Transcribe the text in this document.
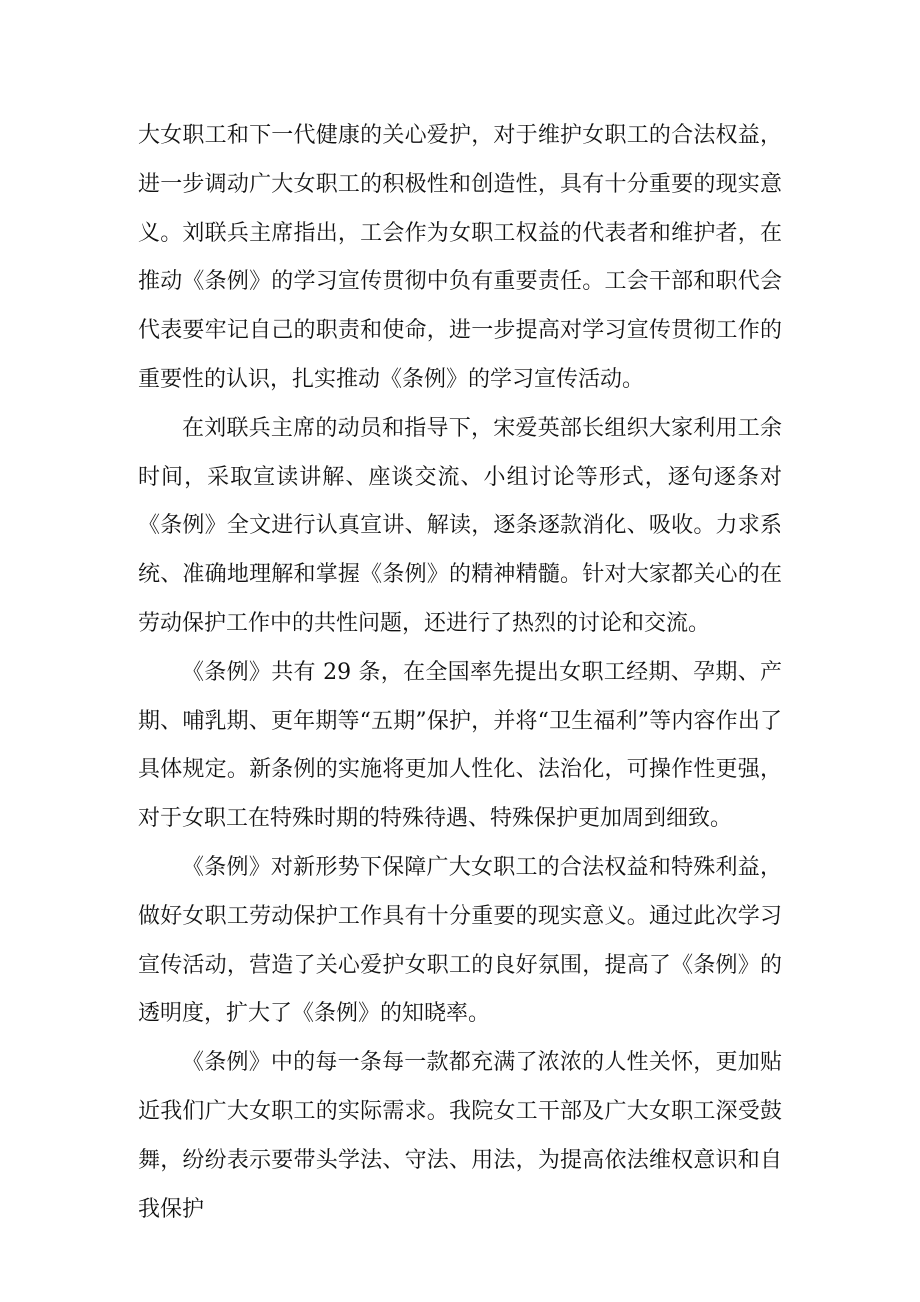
大女职工和下一代健康的关心爱护，对于维护女职工的合法权益，进一步调动广大女职工的积极性和创造性，具有十分重要的现实意义。刘联兵主席指出，工会作为女职工权益的代表者和维护者，在推动《条例》的学习宣传贯彻中负有重要责任。工会干部和职代会代表要牢记自己的职责和使命，进一步提高对学习宣传贯彻工作的重要性的认识，扎实推动《条例》的学习宣传活动。

在刘联兵主席的动员和指导下，宋爱英部长组织大家利用工余时间，采取宣读讲解、座谈交流、小组讨论等形式，逐句逐条对《条例》全文进行认真宣讲、解读，逐条逐款消化、吸收。力求系统、准确地理解和掌握《条例》的精神精髓。针对大家都关心的在劳动保护工作中的共性问题，还进行了热烈的讨论和交流。

《条例》共有 29 条，在全国率先提出女职工经期、孕期、产期、哺乳期、更年期等“五期”保护，并将“卫生福利”等内容作出了具体规定。新条例的实施将更加人性化、法治化，可操作性更强，对于女职工在特殊时期的特殊待遇、特殊保护更加周到细致。

《条例》对新形势下保障广大女职工的合法权益和特殊利益，做好女职工劳动保护工作具有十分重要的现实意义。通过此次学习宣传活动，营造了关心爱护女职工的良好氛围，提高了《条例》的透明度，扩大了《条例》的知晓率。

《条例》中的每一条每一款都充满了浓浓的人性关怀，更加贴近我们广大女职工的实际需求。我院女工干部及广大女职工深受鼓舞，纷纷表示要带头学法、守法、用法，为提高依法维权意识和自我保护
